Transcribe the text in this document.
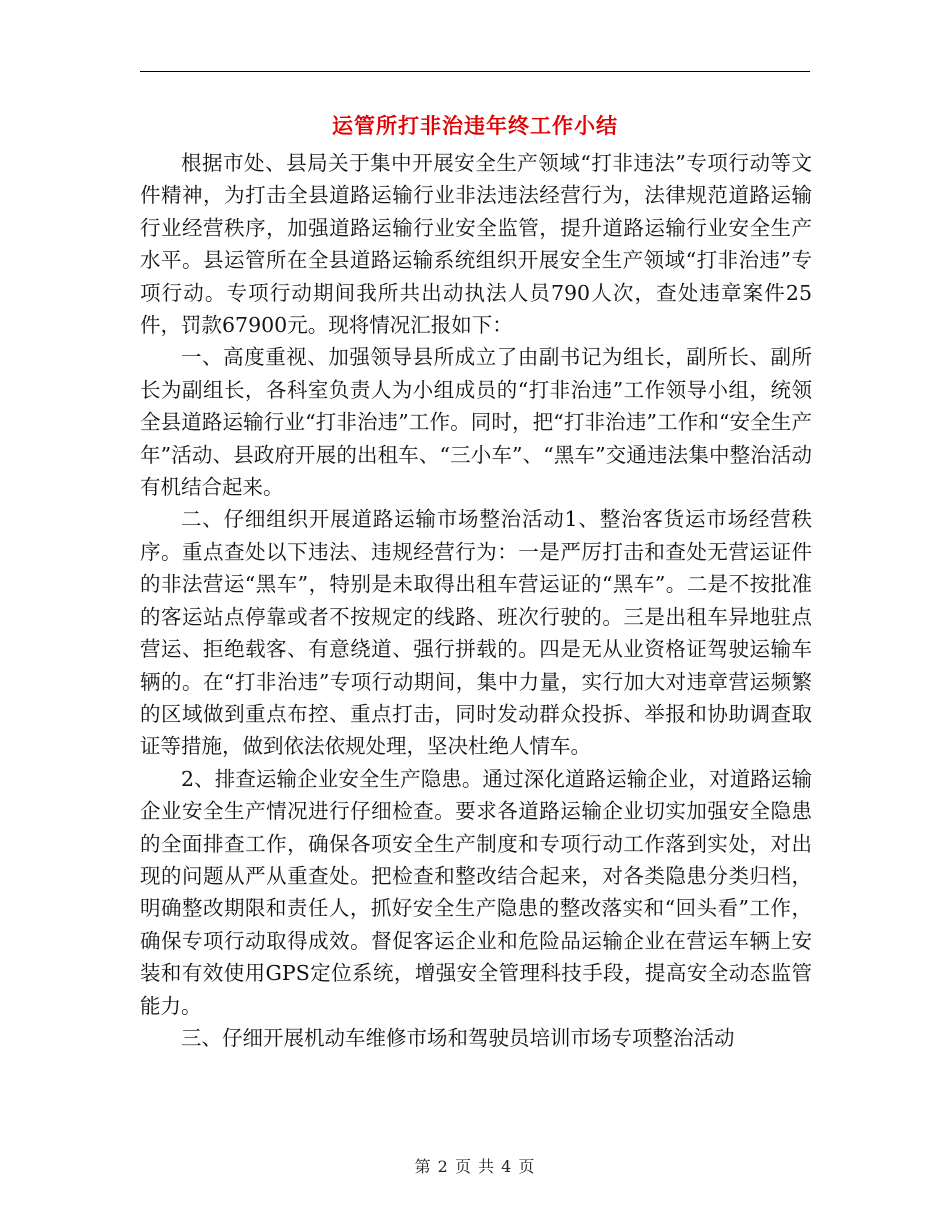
运管所打非治违年终工作小结

根据市处、县局关于集中开展安全生产领域“打非违法”专项行动等文件精神，为打击全县道路运输行业非法违法经营行为，法律规范道路运输行业经营秩序，加强道路运输行业安全监管，提升道路运输行业安全生产水平。县运管所在全县道路运输系统组织开展安全生产领域“打非治违”专项行动。专项行动期间我所共出动执法人员790人次，查处违章案件25件，罚款67900元。现将情况汇报如下：

一、高度重视、加强领导县所成立了由副书记为组长，副所长、副所长为副组长，各科室负责人为小组成员的“打非治违”工作领导小组，统领全县道路运输行业“打非治违”工作。同时，把“打非治违”工作和“安全生产年”活动、县政府开展的出租车、“三小车”、“黑车”交通违法集中整治活动有机结合起来。

二、仔细组织开展道路运输市场整治活动1、整治客货运市场经营秩序。重点查处以下违法、违规经营行为：一是严厉打击和查处无营运证件的非法营运“黑车”，特别是未取得出租车营运证的“黑车”。二是不按批准的客运站点停靠或者不按规定的线路、班次行驶的。三是出租车异地驻点营运、拒绝载客、有意绕道、强行拼载的。四是无从业资格证驾驶运输车辆的。在“打非治违”专项行动期间，集中力量，实行加大对违章营运频繁的区域做到重点布控、重点打击，同时发动群众投拆、举报和协助调查取证等措施，做到依法依规处理，坚决杜绝人情车。

2、排查运输企业安全生产隐患。通过深化道路运输企业，对道路运输企业安全生产情况进行仔细检查。要求各道路运输企业切实加强安全隐患的全面排查工作，确保各项安全生产制度和专项行动工作落到实处，对出现的问题从严从重查处。把检查和整改结合起来，对各类隐患分类归档，明确整改期限和责任人，抓好安全生产隐患的整改落实和“回头看”工作，确保专项行动取得成效。督促客运企业和危险品运输企业在营运车辆上安装和有效使用GPS定位系统，增强安全管理科技手段，提高安全动态监管能力。

三、仔细开展机动车维修市场和驾驶员培训市场专项整治活动

第 2 页 共 4 页
